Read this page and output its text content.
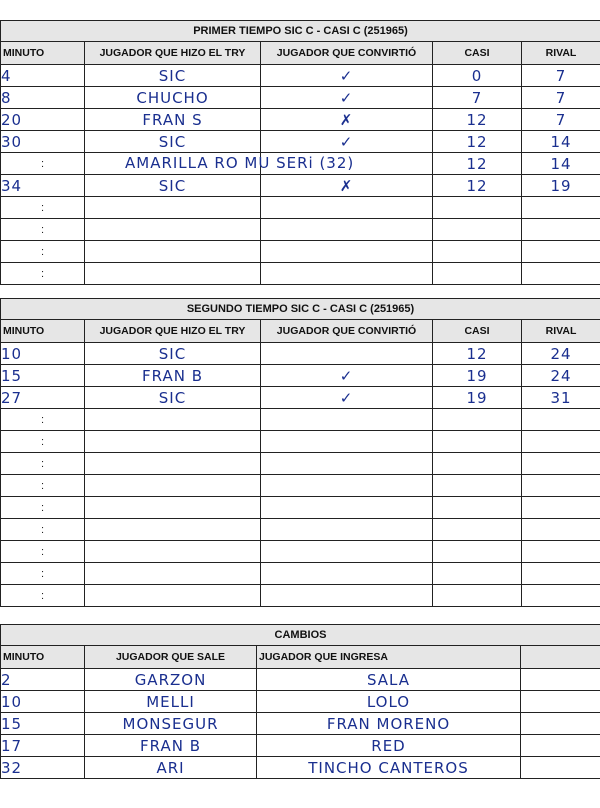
PRIMER TIEMPO SIC C - CASI C (251965)				
MINUTO	JUGADOR QUE HIZO EL TRY	JUGADOR QUE CONVIRTIÓ	CASI	RIVAL

4	SIC	✓	0	7

8	CHUCHO	✓	7	7

20	FRAN S	✗	12	7

30	SIC	✓	12	14

:	AMARILLA RO MU SERi (32)		12	14

34	SIC	✗	12	19

:				

:				

:				

:				

SEGUNDO TIEMPO SIC C - CASI C (251965)				
MINUTO	JUGADOR QUE HIZO EL TRY	JUGADOR QUE CONVIRTIÓ	CASI	RIVAL

10	SIC		12	24

15	FRAN B	✓	19	24

27	SIC	✓	19	31

:				

:				

:				

:				

:				

:				

:				

:				

:				

CAMBIOS			
MINUTO	JUGADOR QUE SALE	JUGADOR QUE INGRESA	

2	GARZON	SALA	

10	MELLI	LOLO	

15	MONSEGUR	FRAN MORENO	

17	FRAN B	RED	

32	ARI	TINCHO CANTEROS	
